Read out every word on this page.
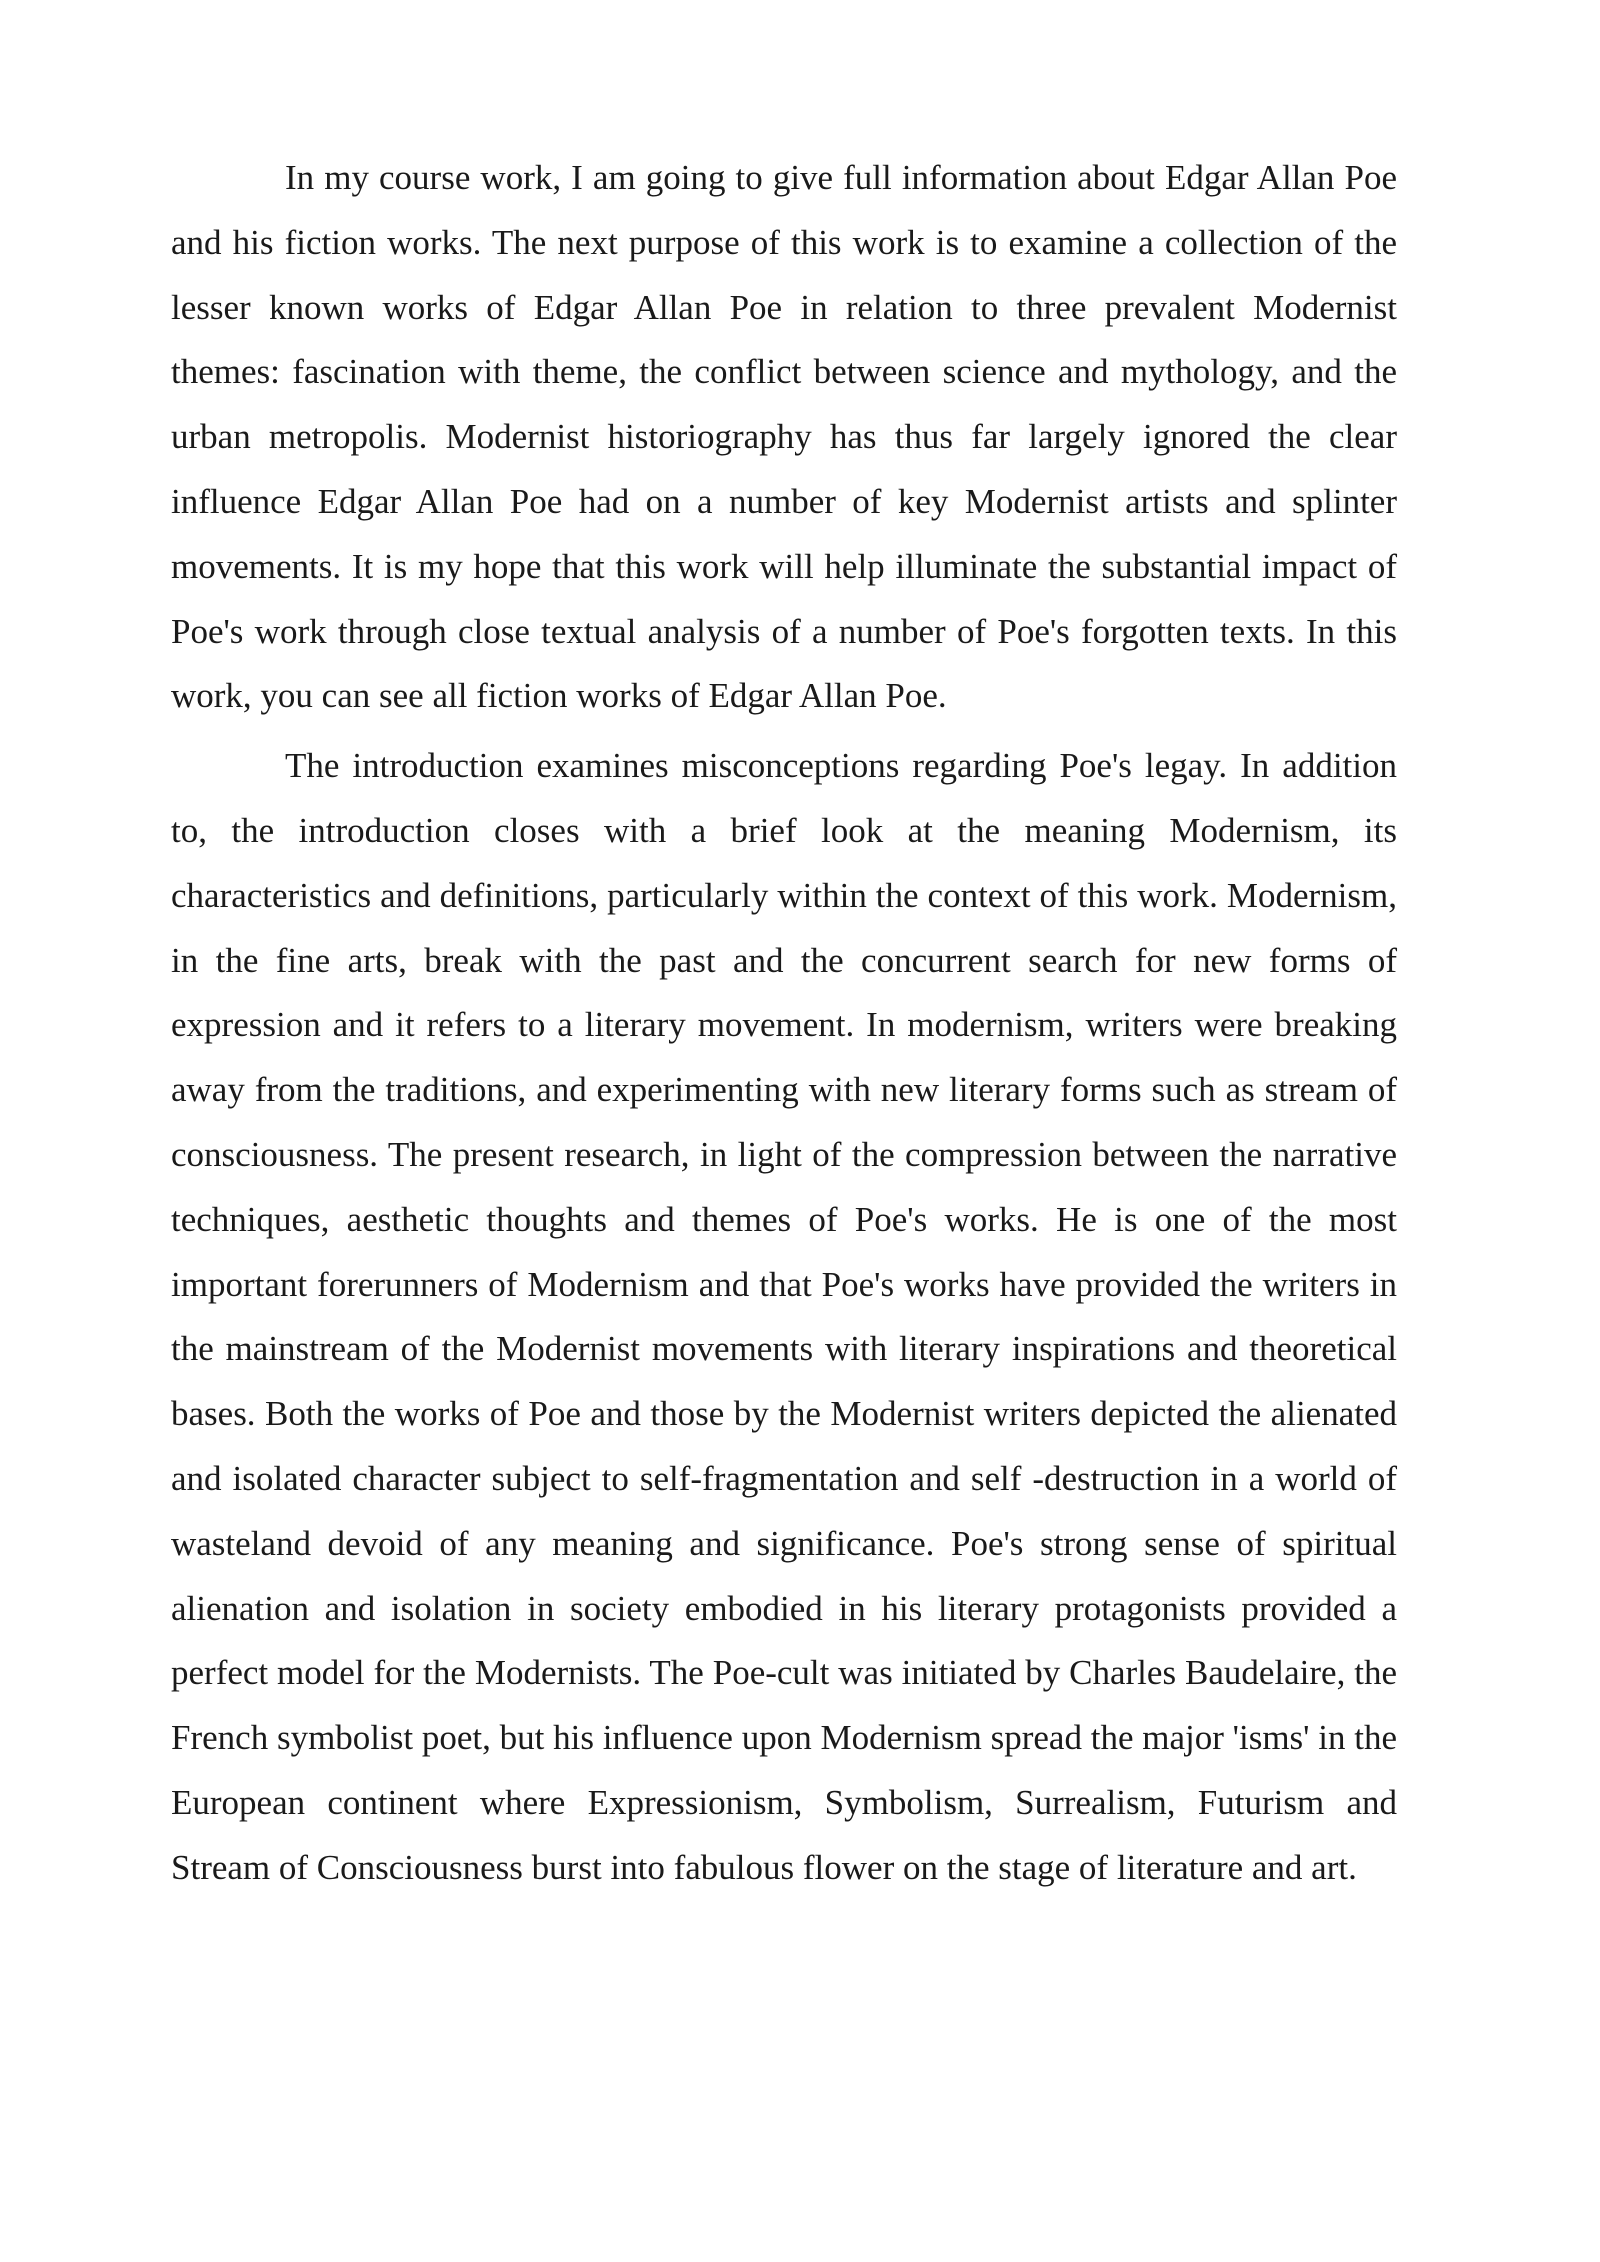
In my course work, I am going to give full information about Edgar Allan Poe and his fiction works. The next purpose of this work is to examine a collection of the lesser known works of Edgar Allan Poe in relation to three prevalent Modernist themes: fascination with theme, the conflict between science and mythology, and the urban metropolis. Modernist historiography has thus far largely ignored the clear influence Edgar Allan Poe had on a number of key Modernist artists and splinter movements. It is my hope that this work will help illuminate the substantial impact of Poe's work through close textual analysis of a number of Poe's forgotten texts. In this work, you can see all fiction works of Edgar Allan Poe.

The introduction examines misconceptions regarding Poe's legay. In addition to, the introduction closes with a brief look at the meaning Modernism, its characteristics and definitions, particularly within the context of this work. Modernism, in the fine arts, break with the past and the concurrent search for new forms of expression and it refers to a literary movement. In modernism, writers were breaking away from the traditions, and experimenting with new literary forms such as stream of consciousness. The present research, in light of the compression between the narrative techniques, aesthetic thoughts and themes of Poe's works. He is one of the most important forerunners of Modernism and that Poe's works have provided the writers in the mainstream of the Modernist movements with literary inspirations and theoretical bases. Both the works of Poe and those by the Modernist writers depicted the alienated and isolated character subject to self-fragmentation and self -destruction in a world of wasteland devoid of any meaning and significance. Poe's strong sense of spiritual alienation and isolation in society embodied in his literary protagonists provided a perfect model for the Modernists. The Poe-cult was initiated by Charles Baudelaire, the French symbolist poet, but his influence upon Modernism spread the major 'isms' in the European continent where Expressionism, Symbolism, Surrealism, Futurism and Stream of Consciousness burst into fabulous flower on the stage of literature and art.
